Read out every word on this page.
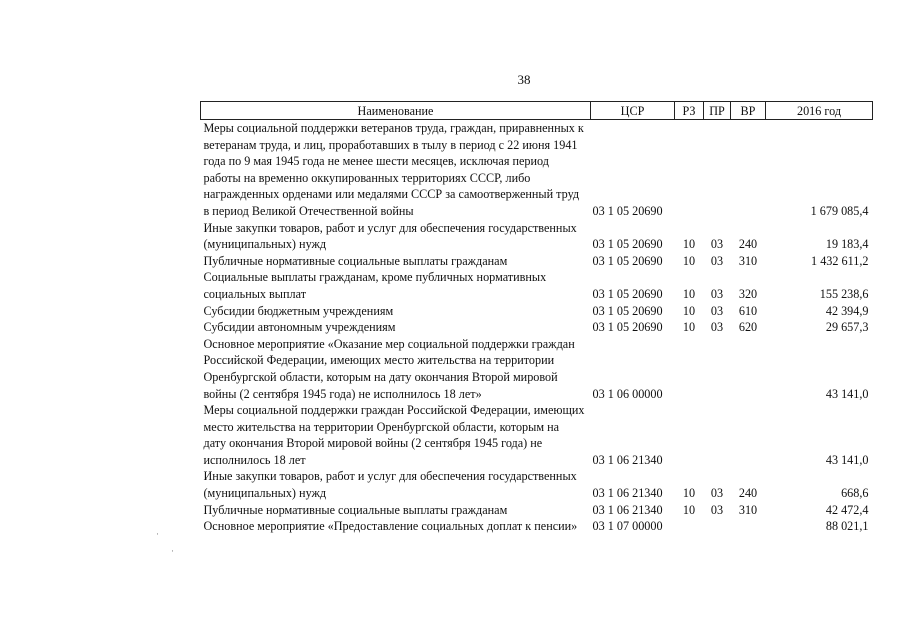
38
Наименование	ЦСР	РЗ	ПР	ВР	2016 год
Меры социальной поддержки ветеранов труда, граждан, приравненных к ветеранам труда, и лиц, проработавших в тылу в период с 22 июня 1941 года по 9 мая 1945 года не менее шести месяцев, исключая период работы на временно оккупированных территориях СССР, либо награжденных орденами или медалями СССР за самоотверженный труд в период Великой Отечественной войны	03 1 05 20690				1 679 085,4
Иные закупки товаров, работ и услуг для обеспечения государственных (муниципальных) нужд	03 1 05 20690	10	03	240	19 183,4
Публичные нормативные социальные выплаты гражданам	03 1 05 20690	10	03	310	1 432 611,2
Социальные выплаты гражданам, кроме публичных нормативных социальных выплат	03 1 05 20690	10	03	320	155 238,6
Субсидии бюджетным учреждениям	03 1 05 20690	10	03	610	42 394,9
Субсидии автономным учреждениям	03 1 05 20690	10	03	620	29 657,3
Основное мероприятие «Оказание мер социальной поддержки граждан Российской Федерации, имеющих место жительства на территории Оренбургской области, которым на дату окончания Второй мировой войны (2 сентября 1945 года) не исполнилось 18 лет»	03 1 06 00000				43 141,0
Меры социальной поддержки граждан Российской Федерации, имеющих место жительства на территории Оренбургской области, которым на дату окончания Второй мировой войны (2 сентября 1945 года) не исполнилось 18 лет	03 1 06 21340				43 141,0
Иные закупки товаров, работ и услуг для обеспечения государственных (муниципальных) нужд	03 1 06 21340	10	03	240	668,6
Публичные нормативные социальные выплаты гражданам	03 1 06 21340	10	03	310	42 472,4
Основное мероприятие «Предоставление социальных доплат к пенсии»	03 1 07 00000				88 021,1
·
·
